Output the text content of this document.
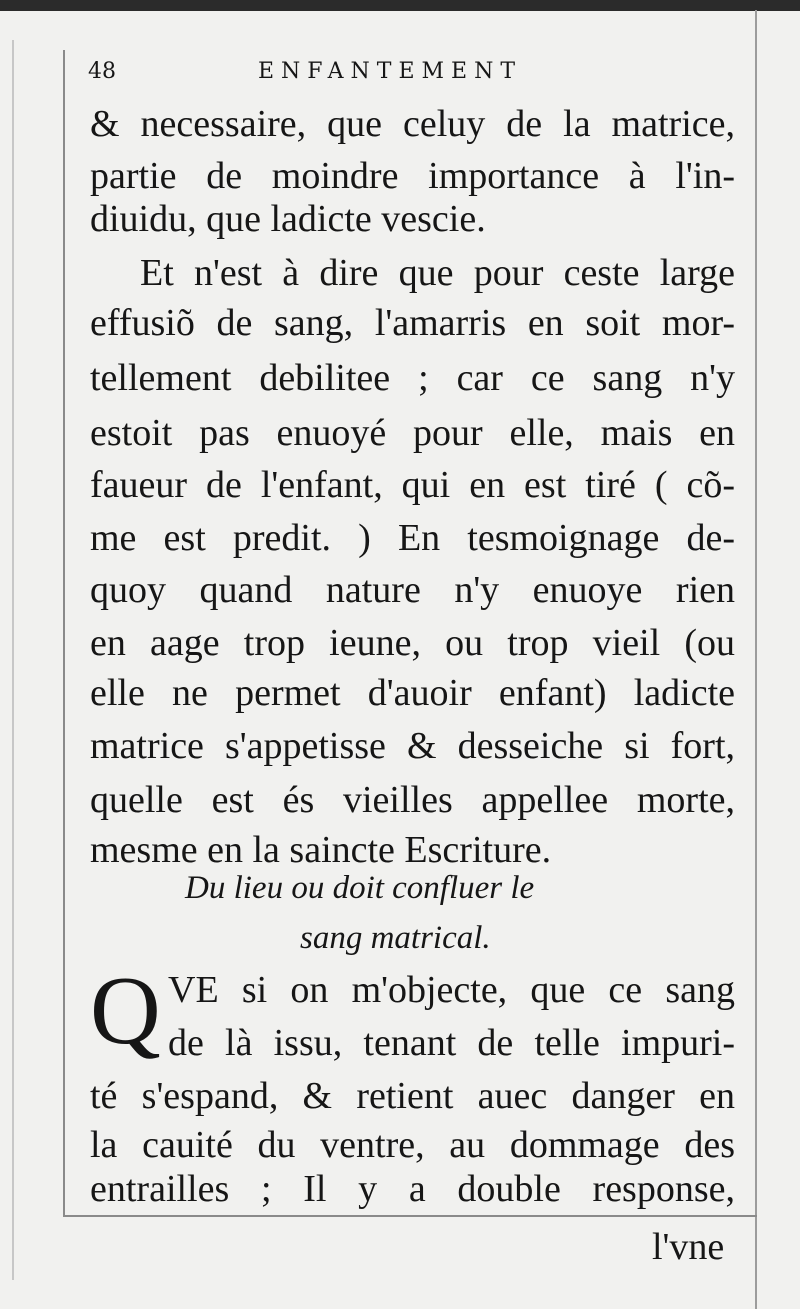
48	ENFANTEMENT
& necessaire, que celuy de la matrice,
partie de moindre importance à l'in-
diuidu, que ladicte vescie.
Et n'est à dire que pour ceste large
effusiõ de sang, l'amarris en soit mor-
tellement debilitee ; car ce sang n'y
estoit pas enuoyé pour elle, mais en
faueur de l'enfant, qui en est tiré ( cõ-
me est predit. ) En tesmoignage de-
quoy quand nature n'y enuoye rien
en aage trop ieune, ou trop vieil (ou
elle ne permet d'auoir enfant) ladicte
matrice s'appetisse & desseiche si fort,
quelle est és vieilles appellee morte,
mesme en la saincte Escriture.
Du lieu ou doit confluer le
sang matrical.
Q VE si on m'objecte, que ce sang
de là issu, tenant de telle impuri-
té s'espand, & retient auec danger en
la cauité du ventre, au dommage des
entrailles ; Il y a double response,
l'vne
